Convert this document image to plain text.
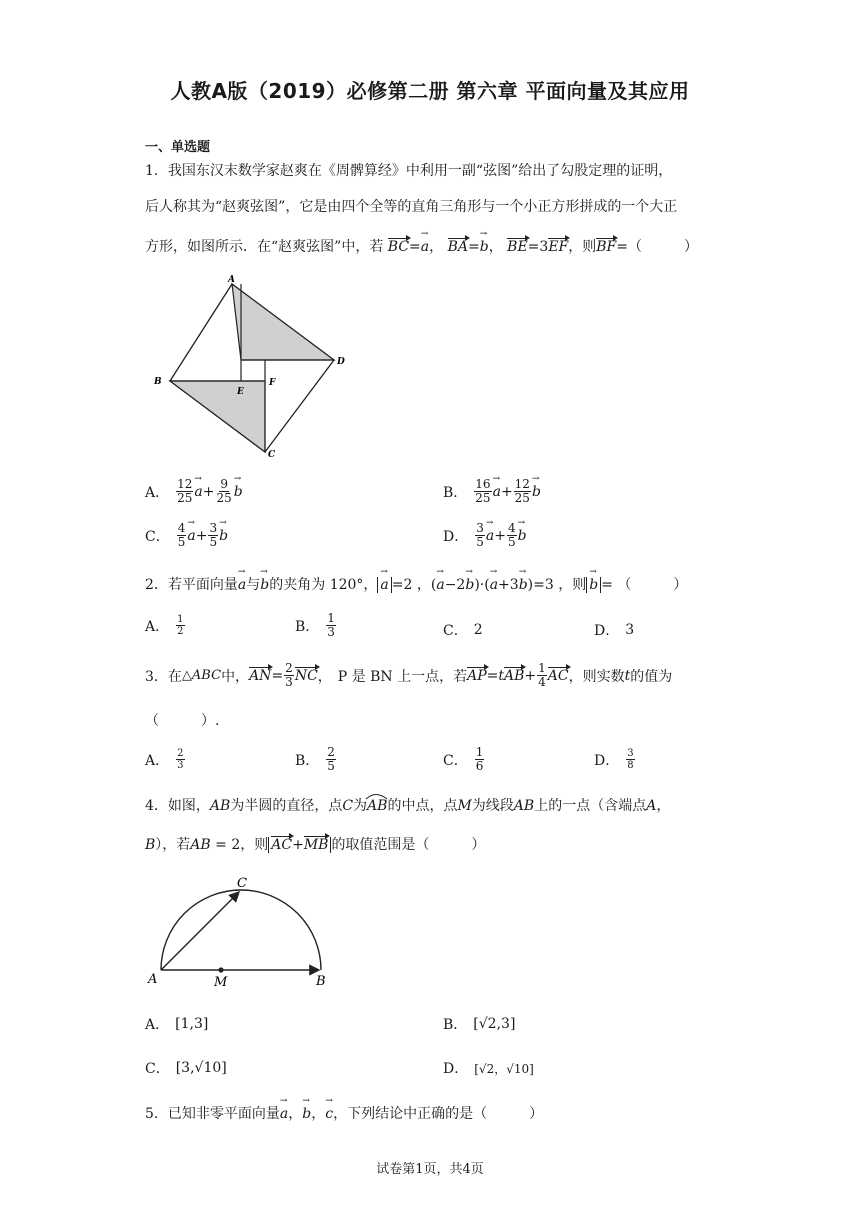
人教A版（2019）必修第二册 第六章 平面向量及其应用
一、单选题
1．我国东汉末数学家赵爽在《周髀算经》中利用一副“弦图”给出了勾股定理的证明，
后人称其为“赵爽弦图”，它是由四个全等的直角三角形与一个小正方形拼成的一个大正
方形，如图所示．在“赵爽弦图”中，若 BC=a →， BA=b →， BE=3EF，则BF=（　　　）
A
B
C
D
E
F
A． $\frac{12}{25}$ a → + $\frac{9}{25}$ b →	B． $\frac{16}{25}$ a → + $\frac{12}{25}$ b →
C． $\frac{4}{5}$ a → + $\frac{3}{5}$ b →	D． $\frac{3}{5}$ a → + $\frac{4}{5}$ b →
2．若平面向量a →与b →的夹角为 120°， a → =2 ，(a →−2b →)·(a →+3b →)=3 ，则 b → = （　　　）
A． $\frac{1}{2}$	B． $\frac{1}{3}$	C． 2	D． 3
3．在 △ABC 中， AN = $\frac{2}{3}$ NC ， P 是 BN 上一点，若 AP = t AB + $\frac{1}{4}$ AC ，则实数 t 的值为
（　　　）.
A． $\frac{2}{3}$	B． $\frac{2}{5}$	C． $\frac{1}{6}$	D． $\frac{3}{8}$
4．如图，AB为半圆的直径，点C为AB
的中点，点M为线段AB上的一点（含端点A，
B），若AB = 2，则 AC+MB 的取值范围是（　　　）
A	B
C
M
A． [1,3]	B． [√2,3]
C． [3,√10]	D． [√2，√10]
5．已知非零平面向量a →，b →，c →，下列结论中正确的是（　　　）
试卷第1页，共4页
